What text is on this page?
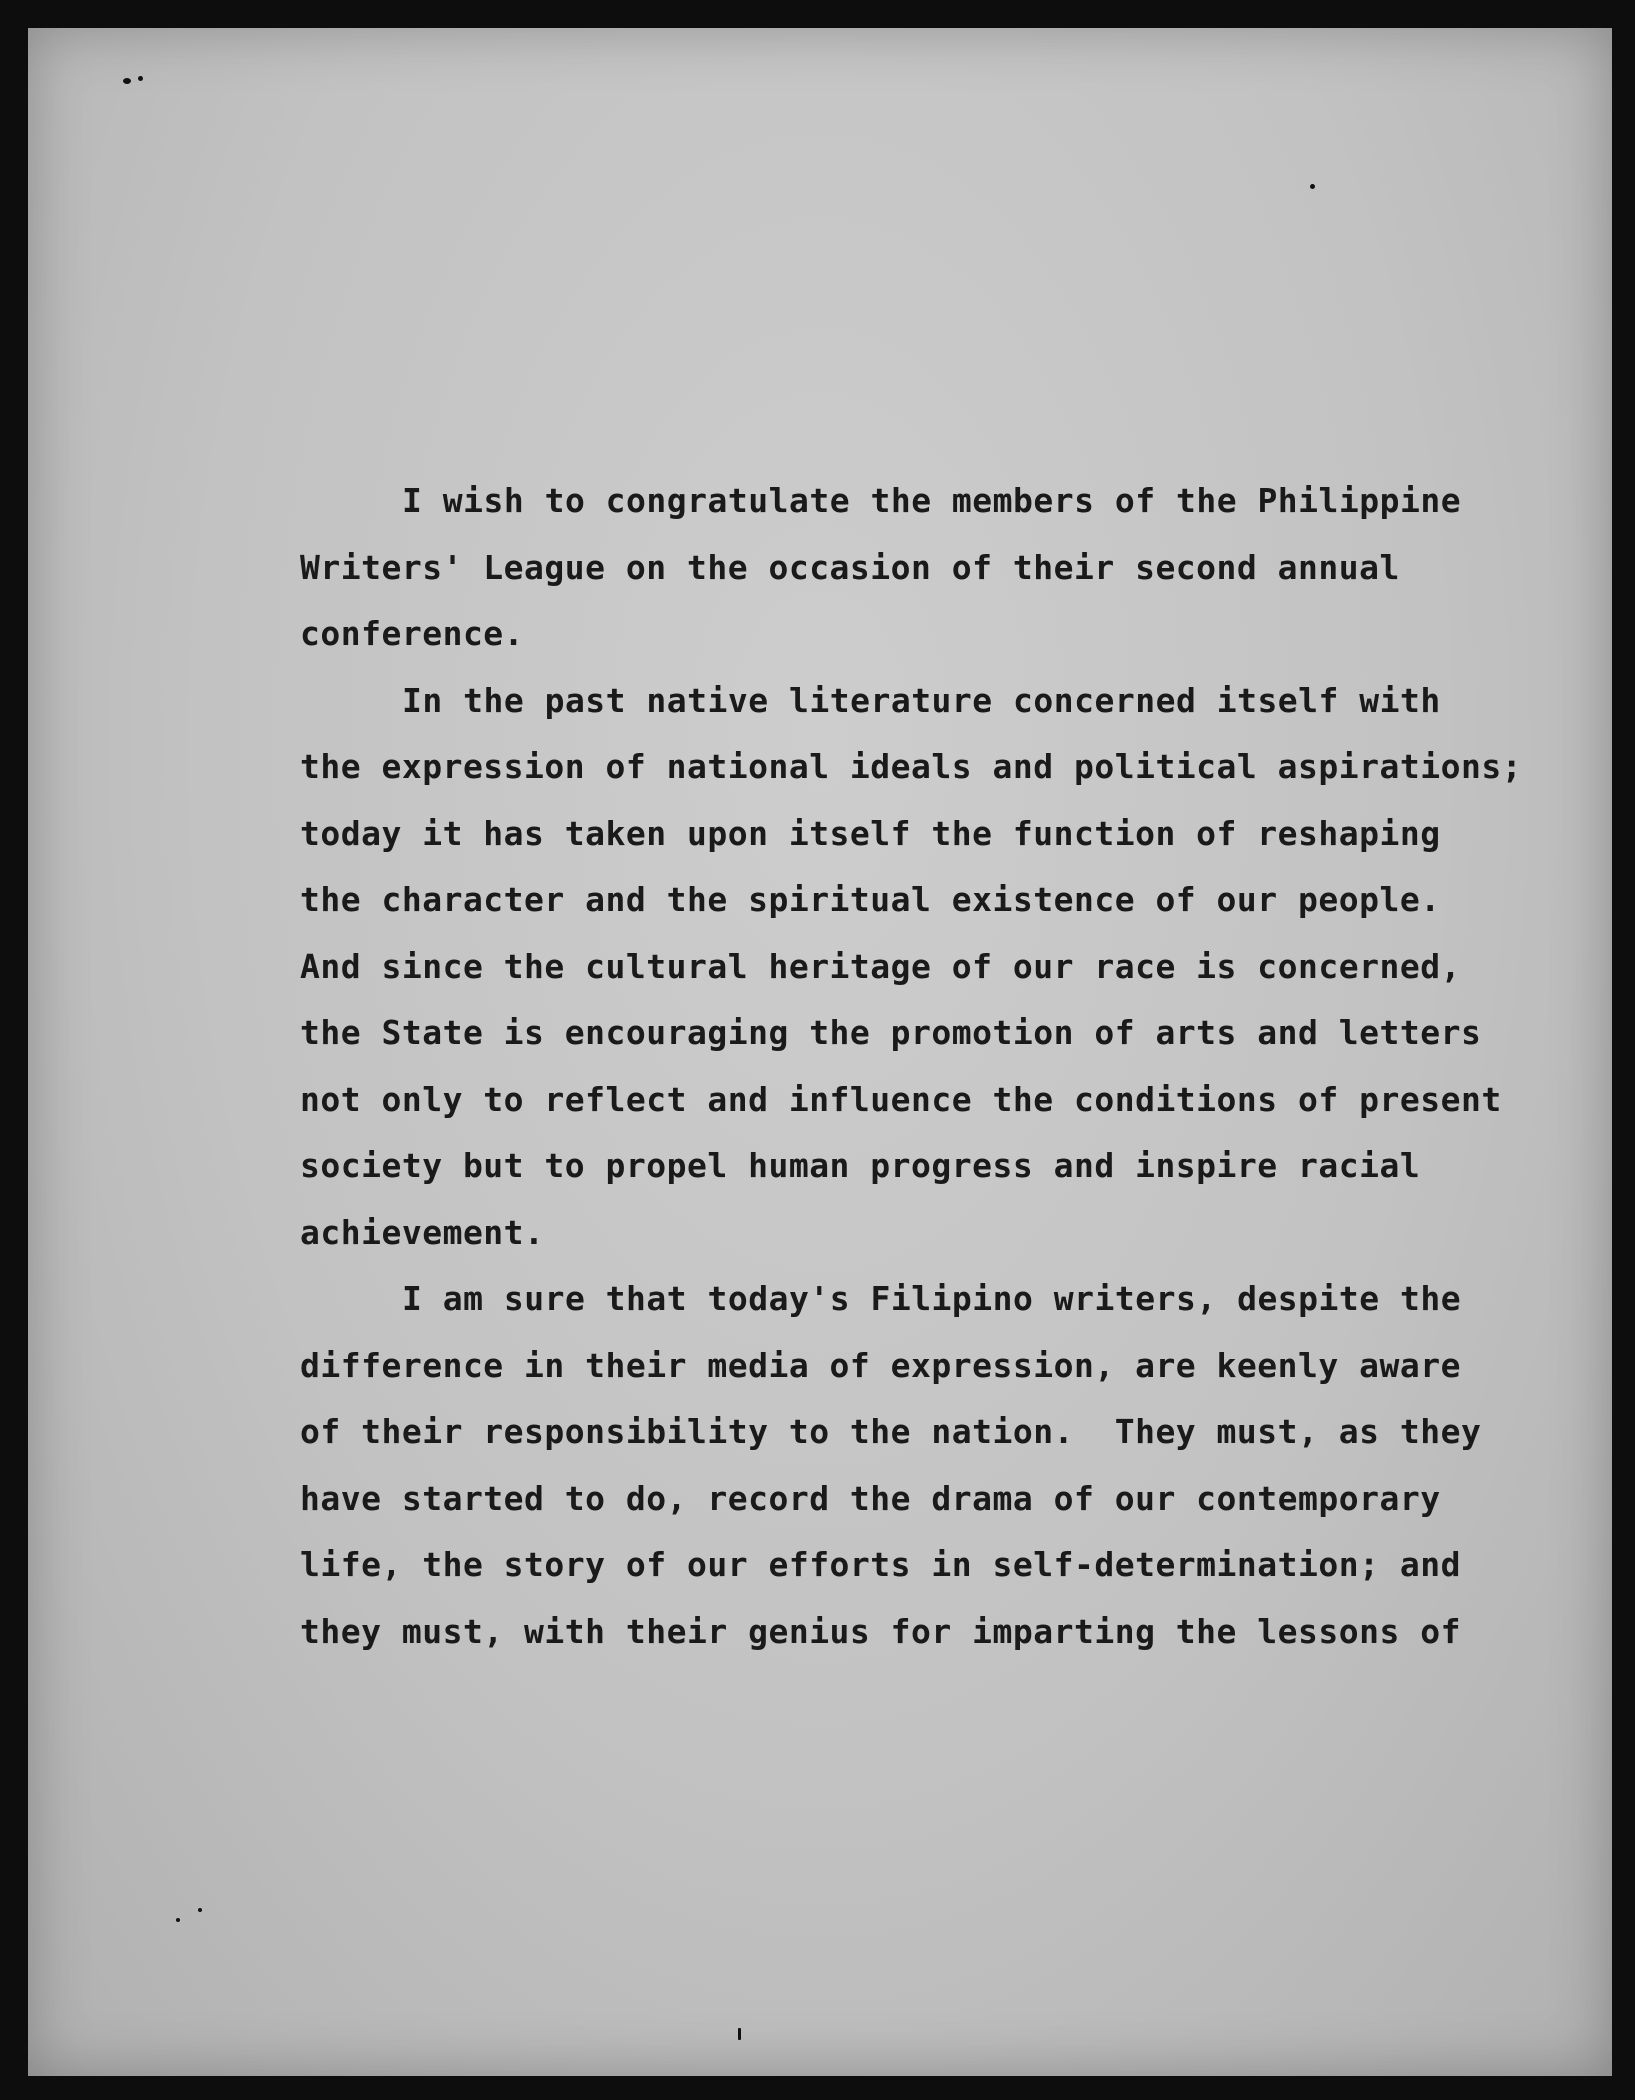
I wish to congratulate the members of the Philippine
Writers' League on the occasion of their second annual
conference.
In the past native literature concerned itself with
the expression of national ideals and political aspirations;
today it has taken upon itself the function of reshaping
the character and the spiritual existence of our people.
And since the cultural heritage of our race is concerned,
the State is encouraging the promotion of arts and letters
not only to reflect and influence the conditions of present
society but to propel human progress and inspire racial
achievement.
I am sure that today's Filipino writers, despite the
difference in their media of expression, are keenly aware
of their responsibility to the nation.  They must, as they
have started to do, record the drama of our contemporary
life, the story of our efforts in self-determination; and
they must, with their genius for imparting the lessons of
